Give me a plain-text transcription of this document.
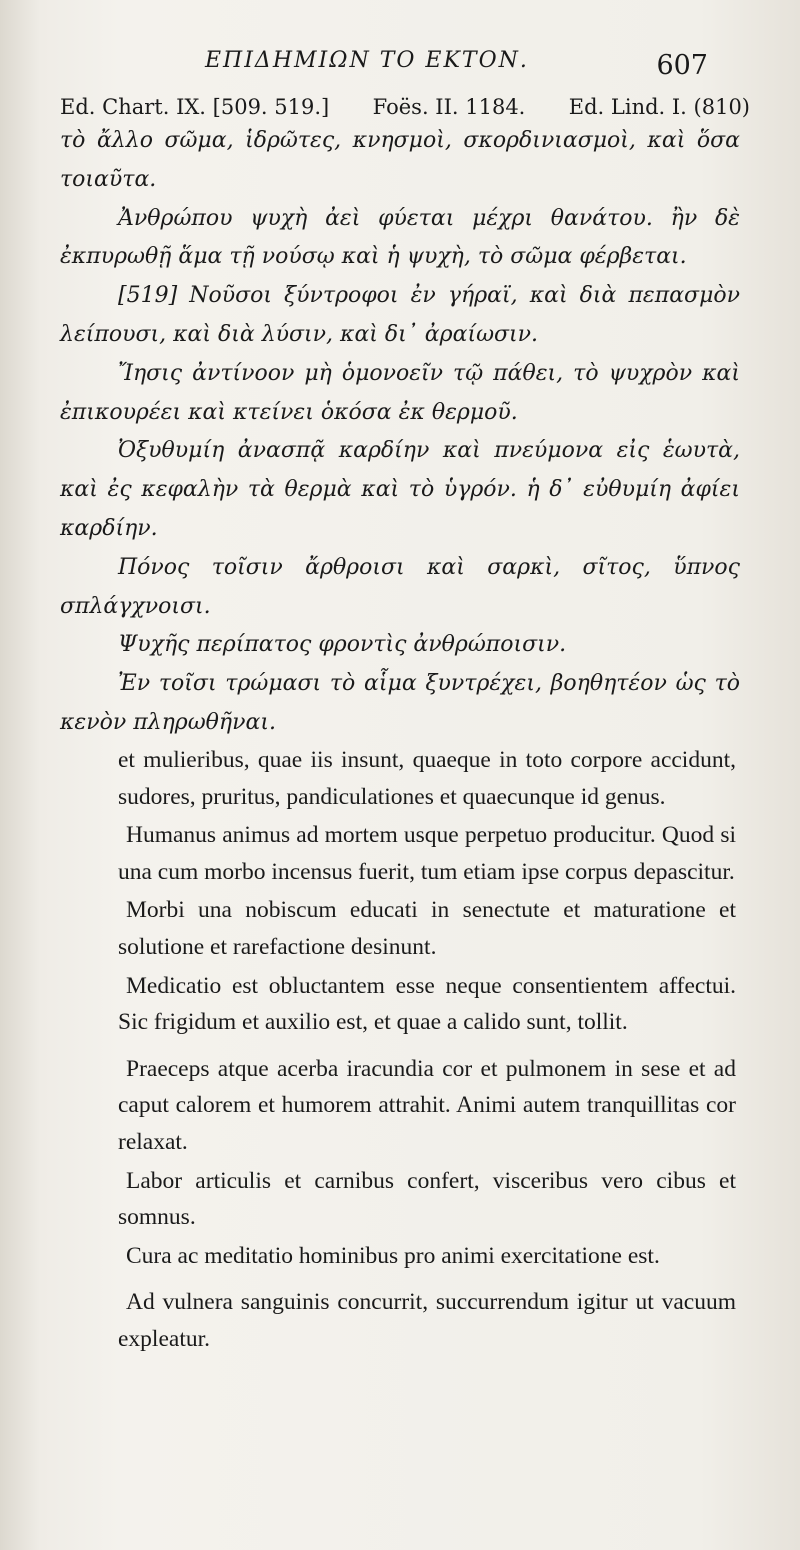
ΕΠΙΔΗΜΙΩΝ ΤΟ ΕΚΤΟΝ.	607
Ed. Chart. IX. [509. 519.] Foës. II. 1184. Ed. Lind. I. (810)

τὸ ἄλλο σῶμα, ἱδρῶτες, κνησμοὶ, σκορδινιασμοὶ, καὶ ὅσα τοιαῦτα.

Ἀνθρώπου ψυχὴ ἀεὶ φύεται μέχρι θανάτου. ἢν δὲ ἐκπυρωθῇ ἅμα τῇ νούσῳ καὶ ἡ ψυχὴ, τὸ σῶμα φέρβεται.

[519] Νοῦσοι ξύντροφοι ἐν γήραϊ, καὶ διὰ πεπασμὸν λείπουσι, καὶ διὰ λύσιν, καὶ δι᾽ ἀραίωσιν.

Ἴησις ἀντίνοον μὴ ὁμονοεῖν τῷ πάθει, τὸ ψυχρὸν καὶ ἐπικουρέει καὶ κτείνει ὁκόσα ἐκ θερμοῦ.

Ὀξυθυμίη ἀνασπᾷ καρδίην καὶ πνεύμονα εἰς ἑωυτὰ, καὶ ἐς κεφαλὴν τὰ θερμὰ καὶ τὸ ὑγρόν. ἡ δ᾽ εὐθυμίη ἀφίει καρδίην.

Πόνος τοῖσιν ἄρθροισι καὶ σαρκὶ, σῖτος, ὕπνος σπλάγχνοισι.

Ψυχῆς περίπατος φροντὶς ἀνθρώποισιν.

Ἐν τοῖσι τρώμασι τὸ αἷμα ξυντρέχει, βοηθητέον ὡς τὸ κενὸν πληρωθῆναι.

et mulieribus, quae iis insunt, quaeque in toto corpore accidunt, sudores, pruritus, pandiculationes et quaecunque id genus.

Humanus animus ad mortem usque perpetuo producitur. Quod si una cum morbo incensus fuerit, tum etiam ipse corpus depascitur.

Morbi una nobiscum educati in senectute et maturatione et solutione et rarefactione desinunt.

Medicatio est obluctantem esse neque consentientem affectui. Sic frigidum et auxilio est, et quae a calido sunt, tollit.

Praeceps atque acerba iracundia cor et pulmonem in sese et ad caput calorem et humorem attrahit. Animi autem tranquillitas cor relaxat.

Labor articulis et carnibus confert, visceribus vero cibus et somnus.

Cura ac meditatio hominibus pro animi exercitatione est.

Ad vulnera sanguinis concurrit, succurrendum igitur ut vacuum expleatur.
